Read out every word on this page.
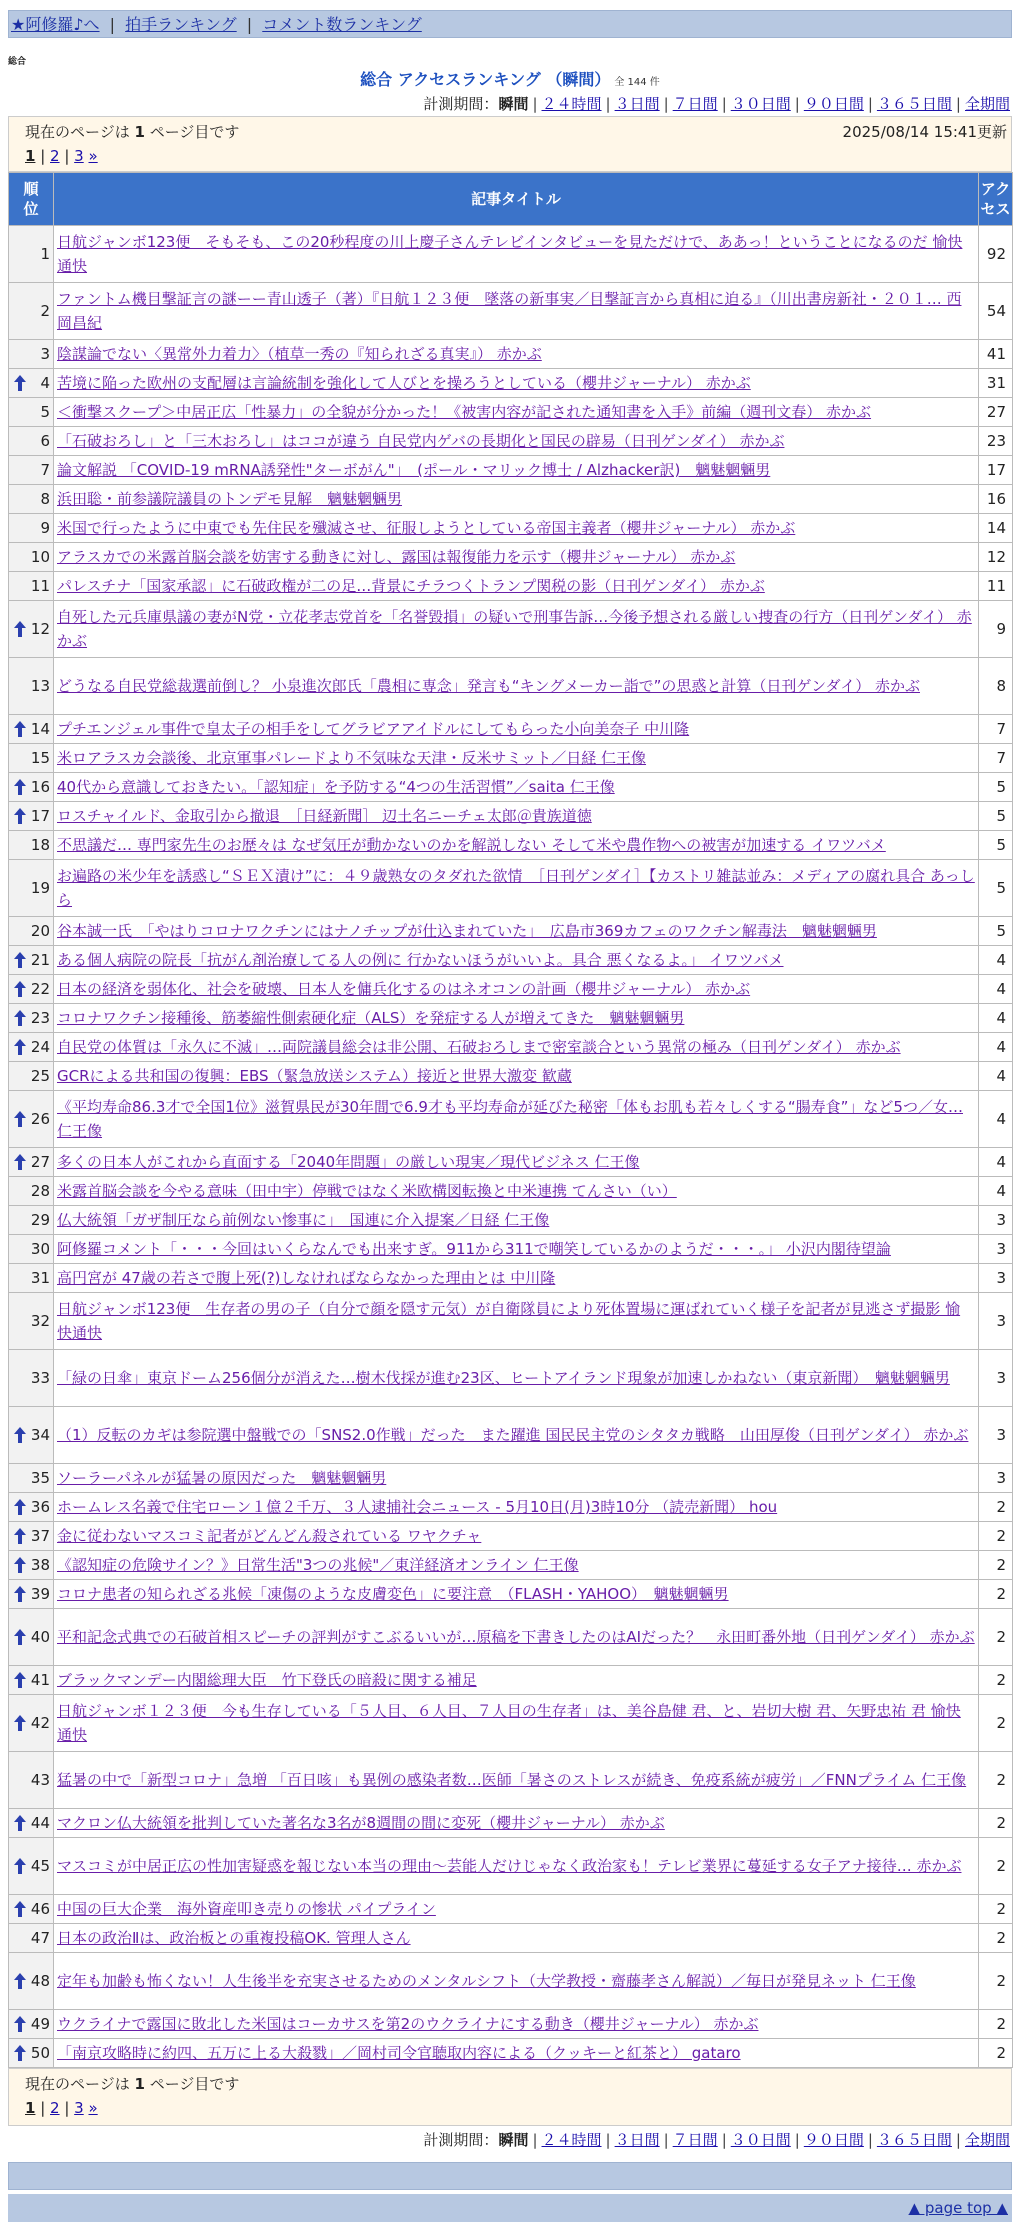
★阿修羅♪へ | 拍手ランキング | コメント数ランキング
総合
総合 アクセスランキング （瞬間） 全 144 件
計測期間：瞬間 | ２４時間 | ３日間 | ７日間 | ３０日間 | ９０日間 | ３６５日間 | 全期間
現在のページは 1 ページ目です	2025/08/14 15:41更新
1 | 2 | 3 »
順位	記事タイトル	アクセス
1	日航ジャンボ123便　そもそも、この20秒程度の川上慶子さんテレビインタビューを見ただけで、ああっ！ということになるのだ 愉快通快	92
2	ファントム機目撃証言の謎ーー青山透子（著）『日航１２３便　墜落の新事実／目撃証言から真相に迫る』（川出書房新社・２０１… 西岡昌紀	54
3	陰謀論でない〈異常外力着力〉（植草一秀の『知られざる真実』） 赤かぶ	41

4	苦境に陥った欧州の支配層は言論統制を強化して人びとを操ろうとしている（櫻井ジャーナル） 赤かぶ	31
5	＜衝撃スクープ＞中居正広「性暴力」の全貌が分かった！《被害内容が記された通知書を入手》前編（週刊文春） 赤かぶ	27
6	「石破おろし」と「三木おろし」はココが違う 自民党内ゲバの長期化と国民の辟易（日刊ゲンダイ） 赤かぶ	23
7	論文解説 「COVID-19 mRNA誘発性"ターボがん"」　(ポール・マリック博士 / Alzhacker訳)　魑魅魍魎男	17
8	浜田聡・前参議院議員のトンデモ見解　魑魅魍魎男	16
9	米国で行ったように中東でも先住民を殲滅させ、征服しようとしている帝国主義者（櫻井ジャーナル） 赤かぶ	14
10	アラスカでの米露首脳会談を妨害する動きに対し、露国は報復能力を示す（櫻井ジャーナル） 赤かぶ	12
11	パレスチナ「国家承認」に石破政権が二の足…背景にチラつくトランプ関税の影（日刊ゲンダイ） 赤かぶ	11

12	自死した元兵庫県議の妻がN党・立花孝志党首を「名誉毀損」の疑いで刑事告訴…今後予想される厳しい捜査の行方（日刊ゲンダイ） 赤かぶ	9
13	どうなる自民党総裁選前倒し？ 小泉進次郎氏「農相に専念」発言も“キングメーカー詣で”の思惑と計算（日刊ゲンダイ） 赤かぶ	8

14	プチエンジェル事件で皇太子の相手をしてグラビアアイドルにしてもらった小向美奈子 中川隆	7
15	米ロアラスカ会談後、北京軍事パレードより不気味な天津・反米サミット／日経 仁王像	7

16	40代から意識しておきたい。「認知症」を予防する“4つの生活習慣”／saita 仁王像	5

17	ロスチャイルド、金取引から撤退　［日経新聞］ 辺土名ニーチェ太郎＠貴族道徳	5
18	不思議だ… 専門家先生のお歴々は なぜ気圧が動かないのかを解説しない そして米や農作物への被害が加速する イワツバメ	5
19	お遍路の米少年を誘惑し“ＳＥＸ漬け”に：４９歳熟女のタダれた欲情　［日刊ゲンダイ］【カストリ雑誌並み：メディアの腐れ具合 あっしら	5
20	谷本誠一氏　「やはりコロナワクチンにはナノチップが仕込まれていた」　広島市369カフェのワクチン解毒法　魑魅魍魎男	5

21	ある個人病院の院長「抗がん剤治療してる人の例に 行かないほうがいいよ。具合 悪くなるよ。」 イワツバメ	4

22	日本の経済を弱体化、社会を破壊、日本人を傭兵化するのはネオコンの計画（櫻井ジャーナル） 赤かぶ	4

23	コロナワクチン接種後、筋萎縮性側索硬化症（ALS）を発症する人が増えてきた　魑魅魍魎男	4

24	自民党の体質は「永久に不滅」…両院議員総会は非公開、石破おろしまで密室談合という異常の極み（日刊ゲンダイ） 赤かぶ	4
25	GCRによる共和国の復興：EBS（緊急放送システム）接近と世界大激変 歓蔵	4

26	《平均寿命86.3才で全国1位》滋賀県民が30年間で6.9才も平均寿命が延びた秘密「体もお肌も若々しくする“腸寿食”」など5つ／女… 仁王像	4

27	多くの日本人がこれから直面する「2040年問題」の厳しい現実／現代ビジネス 仁王像	4
28	米露首脳会談を今やる意味（田中宇）停戦ではなく米欧構図転換と中米連携 てんさい（い）	4
29	仏大統領「ガザ制圧なら前例ない惨事に」　国連に介入提案／日経 仁王像	3
30	阿修羅コメント「・・・今回はいくらなんでも出来すぎ。911から311で嘲笑しているかのようだ・・・。」 小沢内閣待望論	3
31	高円宮が 47歳の若さで腹上死(?)しなければならなかった理由とは 中川隆	3
32	日航ジャンボ123便　生存者の男の子（自分で顔を隠す元気）が自衛隊員により死体置場に運ばれていく様子を記者が見逃さず撮影 愉快通快	3
33	「緑の日傘」東京ドーム256個分が消えた…樹木伐採が進む23区、ヒートアイランド現象が加速しかねない（東京新聞）　魑魅魍魎男	3

34	（1）反転のカギは参院選中盤戦での「SNS2.0作戦」だった　また躍進 国民民主党のシタタカ戦略　山田厚俊（日刊ゲンダイ） 赤かぶ	3
35	ソーラーパネルが猛暑の原因だった　魑魅魍魎男	3

36	ホームレス名義で住宅ローン１億２千万、３人逮捕社会ニュース - 5月10日(月)3時10分 （読売新聞） hou	2

37	金に従わないマスコミ記者がどんどん殺されている ワヤクチャ	2

38	《認知症の危険サイン？》日常生活"3つの兆候"／東洋経済オンライン 仁王像	2

39	コロナ患者の知られざる兆候「凍傷のような皮膚変色」に要注意　（FLASH・YAHOO）　魑魅魍魎男	2

40	平和記念式典での石破首相スピーチの評判がすこぶるいいが…原稿を下書きしたのはAIだった？　永田町番外地（日刊ゲンダイ） 赤かぶ	2

41	ブラックマンデー内閣総理大臣　竹下登氏の暗殺に関する補足	2

42	日航ジャンボ１２３便　今も生存している「５人目、６人目、７人目の生存者」は、美谷島健 君、と、岩切大樹 君、矢野忠祐 君 愉快通快	2
43	猛暑の中で「新型コロナ」急増 「百日咳」も異例の感染者数…医師「暑さのストレスが続き、免疫系統が疲労」／FNNプライム 仁王像	2

44	マクロン仏大統領を批判していた著名な3名が8週間の間に変死（櫻井ジャーナル） 赤かぶ	2

45	マスコミが中居正広の性加害疑惑を報じない本当の理由～芸能人だけじゃなく政治家も！テレビ業界に蔓延する女子アナ接待… 赤かぶ	2

46	中国の巨大企業　海外資産叩き売りの惨状 パイプライン	2
47	日本の政治Ⅱは、政治板との重複投稿OK. 管理人さん	2

48	定年も加齢も怖くない！人生後半を充実させるためのメンタルシフト（大学教授・齋藤孝さん解説）／毎日が発見ネット 仁王像	2

49	ウクライナで露国に敗北した米国はコーカサスを第2のウクライナにする動き（櫻井ジャーナル） 赤かぶ	2

50	「南京攻略時に約四、五万に上る大殺戮」／岡村司令官聴取内容による（クッキーと紅茶と） gataro	2
現在のページは 1 ページ目です
1 | 2 | 3 »
計測期間：瞬間 | ２４時間 | ３日間 | ７日間 | ３０日間 | ９０日間 | ３６５日間 | 全期間
▲ page top ▲
